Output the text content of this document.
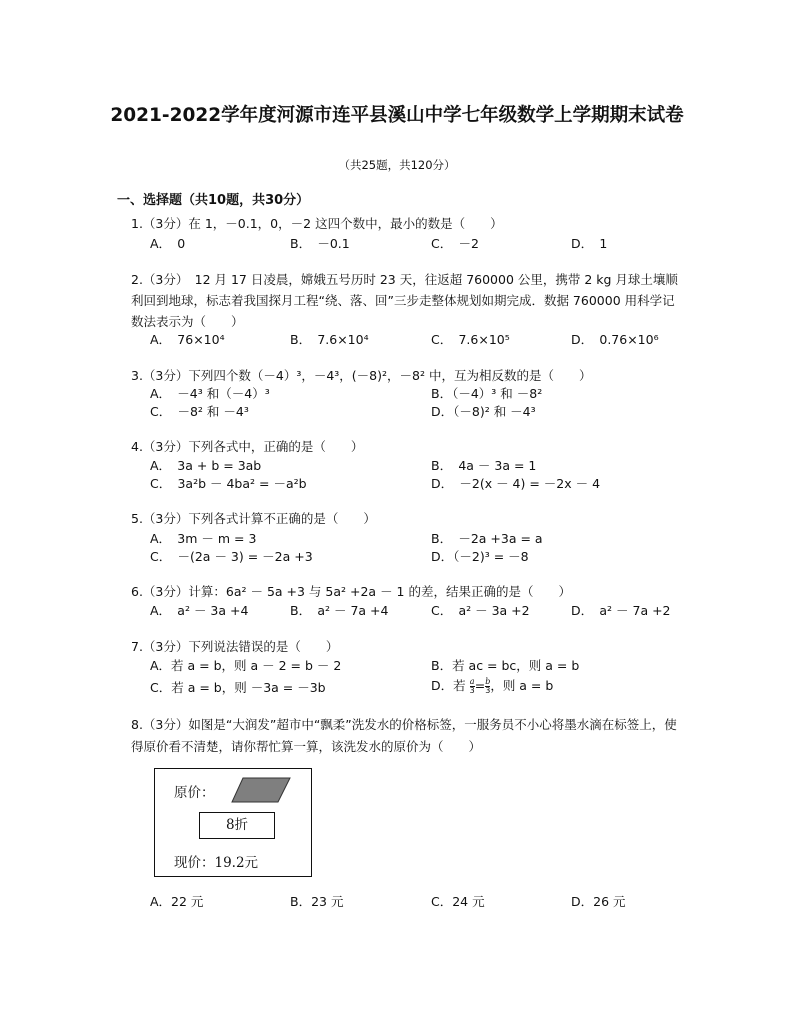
2021-2022学年度河源市连平县溪山中学七年级数学上学期期末试卷
（共25题，共120分）
一、选择题（共10题，共30分）
1.（3分）在 1，－0.1，0，－2 这四个数中，最小的数是（　　）
A．　0	B．　－0.1	C．　－2	D．　1
2.（3分）　12 月 17 日凌晨，嫦娥五号历时 23 天，往返超 760000 公里，携带 2 kg 月球土壤顺利回到地球，标志着我国探月工程“绕、落、回”三步走整体规划如期完成．数据 760000 用科学记数法表示为（　　）
A．　76×10⁴	B．　7.6×10⁴	C．　7.6×10⁵	D．　0.76×10⁶
3.（3分）下列四个数（－4）³，－4³，(－8)²，－8² 中，互为相反数的是（　　）
A．　－4³ 和（－4）³	B．（－4）³ 和 －8²
C．　－8² 和 －4³	D．（－8)² 和 －4³
4.（3分）下列各式中，正确的是（　　）
A．　3a + b = 3ab	B．　4a － 3a = 1
C．　3a²b － 4ba² = －a²b	D．　－2(x － 4) = －2x － 4
5.（3分）下列各式计算不正确的是（　　）
A．　3m － m = 3	B．　－2a +3a = a
C．　－(2a － 3) = －2a +3	D．（－2)³ = －8
6.（3分）计算：6a² － 5a +3 与 5a² +2a － 1 的差，结果正确的是（　　）
A．　a² － 3a +4	B．　a² － 7a +4	C．　a² － 3a +2	D．　a² － 7a +2
7.（3分）下列说法错误的是（　　）
A．若 a = b，则 a － 2 = b － 2	B．若 ac = bc，则 a = b
C．若 a = b，则 －3a = －3b	D．若 $\frac{a}{3} = \frac{b}{3}$ ，则 a = b
8.（3分）如图是“大润发”超市中“飘柔”洗发水的价格标签，一服务员不小心将墨水滴在标签上，使得原价看不清楚，请你帮忙算一算，该洗发水的原价为（　　）
原价：
8折
现价：19.2元
A．22 元	B．23 元	C．24 元	D．26 元
